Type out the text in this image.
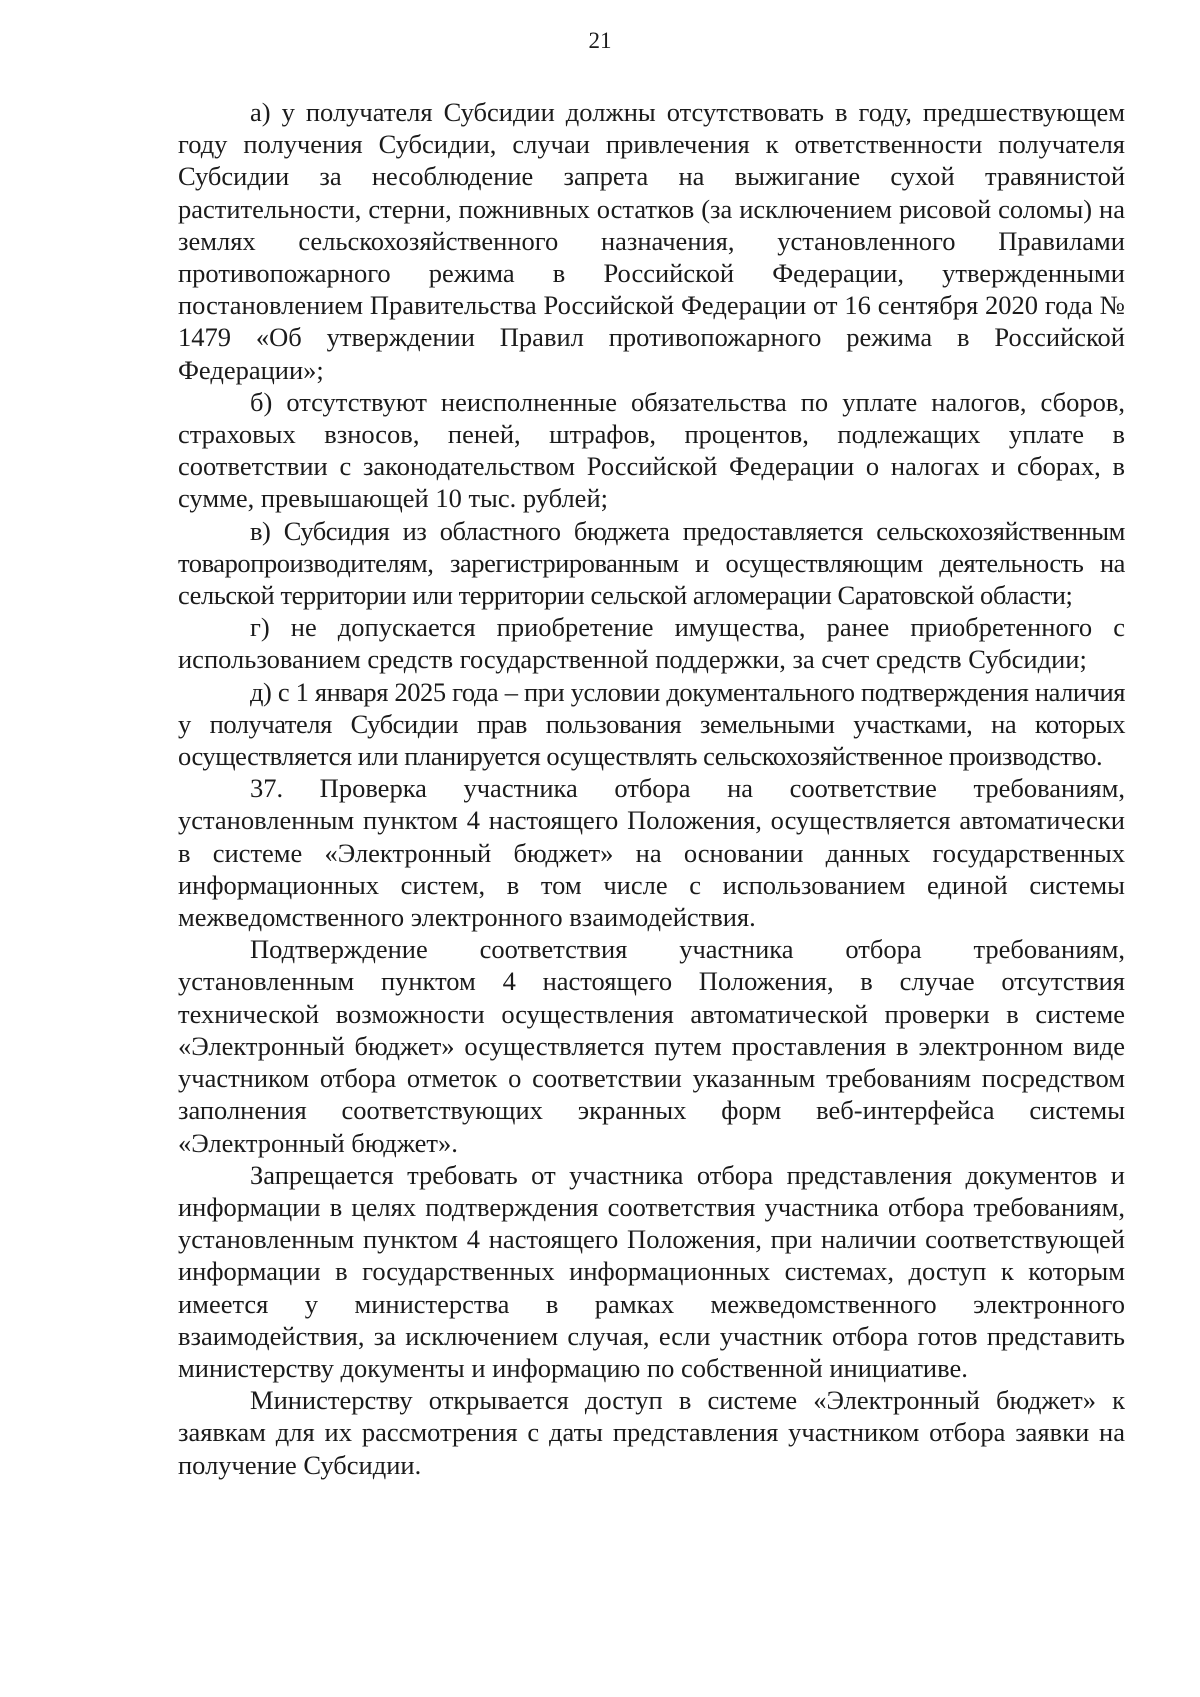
21

а) у получателя Субсидии должны отсутствовать в году, предшествующем году получения Субсидии, случаи привлечения к ответственности получателя Субсидии за несоблюдение запрета на выжигание сухой травянистой растительности, стерни, пожнивных остатков (за исключением рисовой соломы) на землях сельскохозяйственного назначения, установленного Правилами противопожарного режима в Российской Федерации, утвержденными постановлением Правительства Российской Федерации от 16 сентября 2020 года № 1479 «Об утверждении Правил противопожарного режима в Российской Федерации»;

б) отсутствуют неисполненные обязательства по уплате налогов, сборов, страховых взносов, пеней, штрафов, процентов, подлежащих уплате в соответствии с законодательством Российской Федерации о налогах и сборах, в сумме, превышающей 10 тыс. рублей;

в) Субсидия из областного бюджета предоставляется сельскохозяйственным товаропроизводителям, зарегистрированным и осуществляющим деятельность на сельской территории или территории сельской агломерации Саратовской области;

г) не допускается приобретение имущества, ранее приобретенного с использованием средств государственной поддержки, за счет средств Субсидии;

д) с 1 января 2025 года – при условии документального подтверждения наличия у получателя Субсидии прав пользования земельными участками, на которых осуществляется или планируется осуществлять сельскохозяйственное производство.

37. Проверка участника отбора на соответствие требованиям, установленным пунктом 4 настоящего Положения, осуществляется автоматически в системе «Электронный бюджет» на основании данных государственных информационных систем, в том числе с использованием единой системы межведомственного электронного взаимодействия.

Подтверждение соответствия участника отбора требованиям, установленным пунктом 4 настоящего Положения, в случае отсутствия технической возможности осуществления автоматической проверки в системе «Электронный бюджет» осуществляется путем проставления в электронном виде участником отбора отметок о соответствии указанным требованиям посредством заполнения соответствующих экранных форм веб-интерфейса системы «Электронный бюджет».

Запрещается требовать от участника отбора представления документов и информации в целях подтверждения соответствия участника отбора требованиям, установленным пунктом 4 настоящего Положения, при наличии соответствующей информации в государственных информационных системах, доступ к которым имеется у министерства в рамках межведомственного электронного взаимодействия, за исключением случая, если участник отбора готов представить министерству документы и информацию по собственной инициативе.

Министерству открывается доступ в системе «Электронный бюджет» к заявкам для их рассмотрения с даты представления участником отбора заявки на получение Субсидии.
